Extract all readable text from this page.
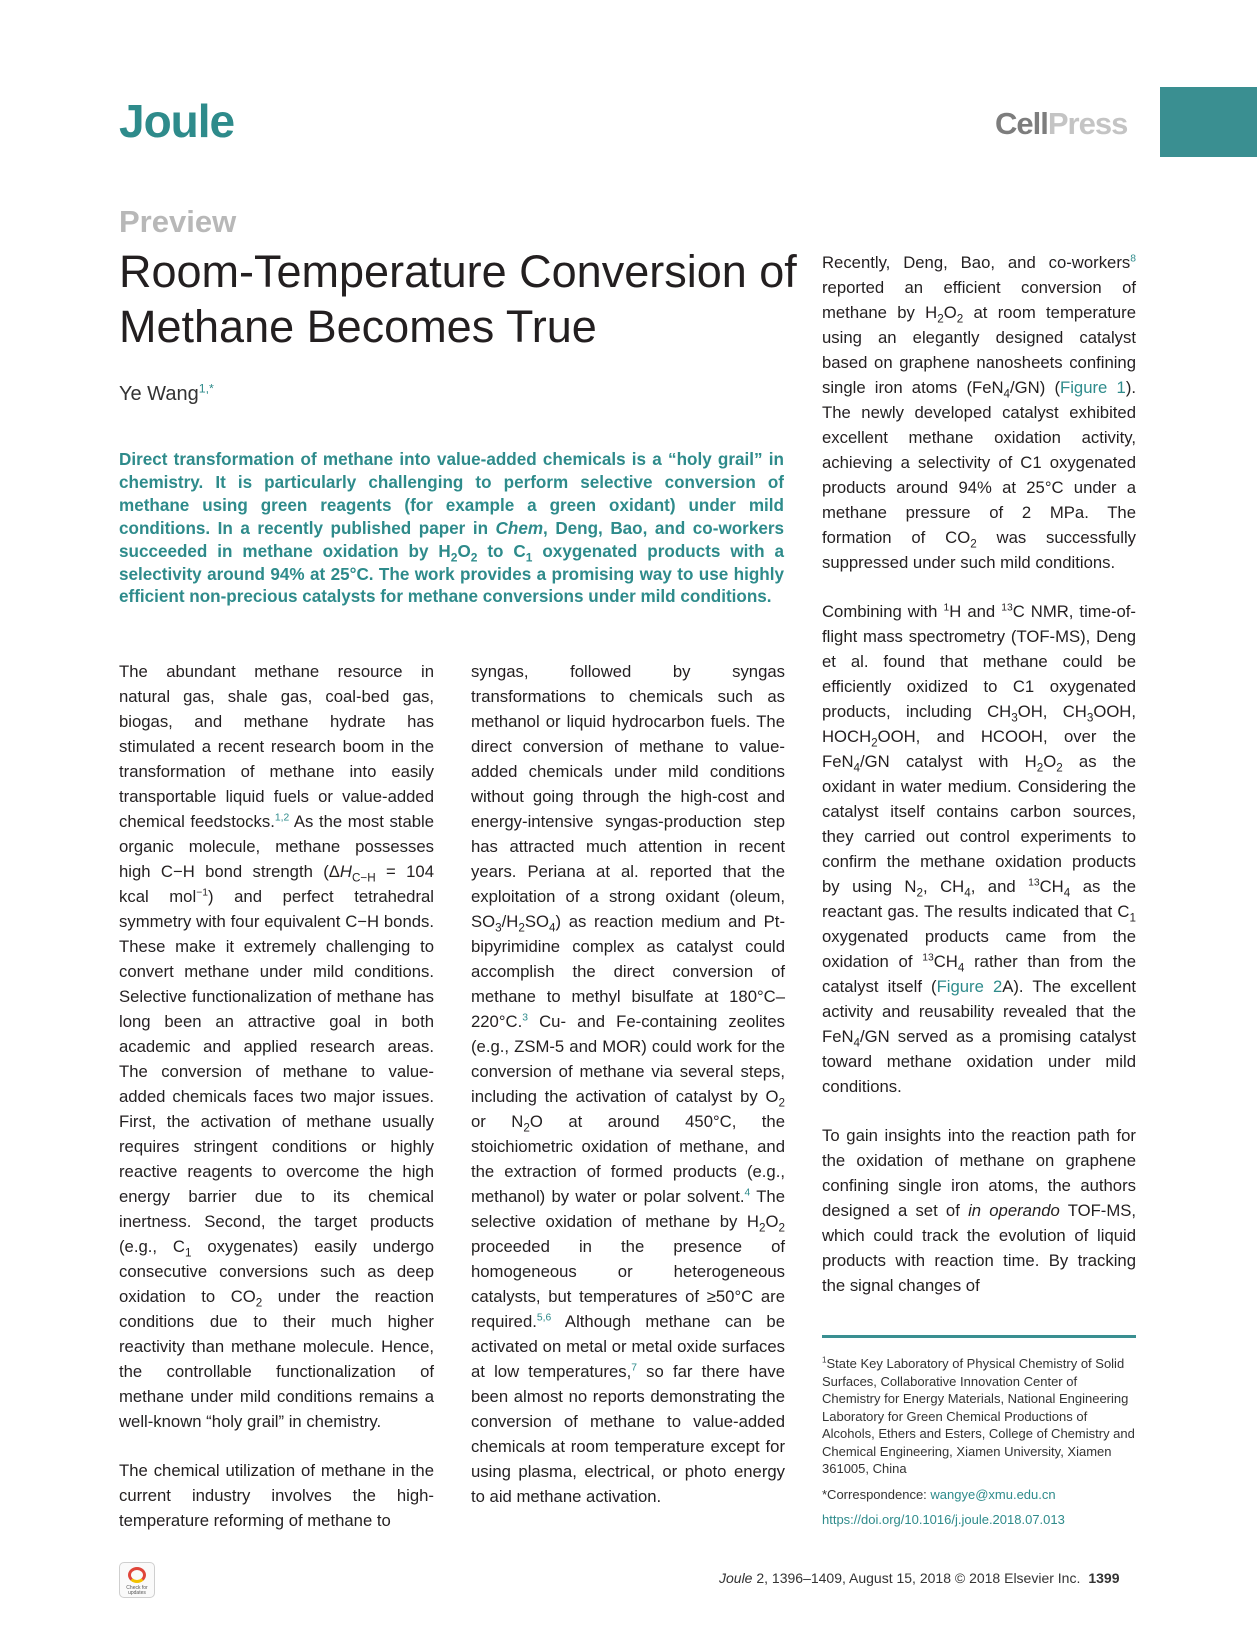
Joule	CellPress
Preview
Room-Temperature Conversion of Methane Becomes True
Ye Wang$^{1,*}$

Direct transformation of methane into value-added chemicals is a “holy grail” in chemistry. It is particularly challenging to perform selective conversion of methane using green reagents (for example a green oxidant) under mild conditions. In a recently published paper in Chem, Deng, Bao, and co-workers succeeded in methane oxidation by $H_2O_2$ to $C_1$ oxygenated products with a selectivity around 94% at 25°C. The work provides a promising way to use highly efficient non-precious catalysts for methane conversions under mild conditions.

The abundant methane resource in natural gas, shale gas, coal-bed gas, biogas, and methane hydrate has stimulated a recent research boom in the transformation of methane into easily transportable liquid fuels or value-added chemical feedstocks.$^{1,2}$ As the most stable organic molecule, methane possesses high C−H bond strength ($\Delta H_{C-H} = 104$ kcal mol$^{-1}$) and perfect tetrahedral symmetry with four equivalent C−H bonds. These make it extremely challenging to convert methane under mild conditions. Selective functionalization of methane has long been an attractive goal in both academic and applied research areas. The conversion of methane to value-added chemicals faces two major issues. First, the activation of methane usually requires stringent conditions or highly reactive reagents to overcome the high energy barrier due to its chemical inertness. Second, the target products (e.g., $C_1$ oxygenates) easily undergo consecutive conversions such as deep oxidation to $CO_2$ under the reaction conditions due to their much higher reactivity than methane molecule. Hence, the controllable functionalization of methane under mild conditions remains a well-known “holy grail” in chemistry.

The chemical utilization of methane in the current industry involves the high-temperature reforming of methane to

syngas, followed by syngas transformations to chemicals such as methanol or liquid hydrocarbon fuels. The direct conversion of methane to value-added chemicals under mild conditions without going through the high-cost and energy-intensive syngas-production step has attracted much attention in recent years. Periana at al. reported that the exploitation of a strong oxidant (oleum, $SO_3/H_2SO_4$) as reaction medium and Pt-bipyrimidine complex as catalyst could accomplish the direct conversion of methane to methyl bisulfate at 180°C–220°C.$^3$ Cu- and Fe-containing zeolites (e.g., ZSM-5 and MOR) could work for the conversion of methane via several steps, including the activation of catalyst by $O_2$ or $N_2O$ at around 450°C, the stoichiometric oxidation of methane, and the extraction of formed products (e.g., methanol) by water or polar solvent.$^4$ The selective oxidation of methane by $H_2O_2$ proceeded in the presence of homogeneous or heterogeneous catalysts, but temperatures of ≥50°C are required.$^{5,6}$ Although methane can be activated on metal or metal oxide surfaces at low temperatures,$^7$ so far there have been almost no reports demonstrating the conversion of methane to value-added chemicals at room temperature except for using plasma, electrical, or photo energy to aid methane activation.

Recently, Deng, Bao, and co-workers$^8$ reported an efficient conversion of methane by $H_2O_2$ at room temperature using an elegantly designed catalyst based on graphene nanosheets confining single iron atoms (FeN$_4$/GN) (Figure 1). The newly developed catalyst exhibited excellent methane oxidation activity, achieving a selectivity of C1 oxygenated products around 94% at 25°C under a methane pressure of 2 MPa. The formation of $CO_2$ was successfully suppressed under such mild conditions.

Combining with $^1$H and $^{13}$C NMR, time-of-flight mass spectrometry (TOF-MS), Deng et al. found that methane could be efficiently oxidized to C1 oxygenated products, including $CH_3OH$, $CH_3OOH$, $HOCH_2OOH$, and HCOOH, over the FeN$_4$/GN catalyst with $H_2O_2$ as the oxidant in water medium. Considering the catalyst itself contains carbon sources, they carried out control experiments to confirm the methane oxidation products by using $N_2$, $CH_4$, and $^{13}CH_4$ as the reactant gas. The results indicated that $C_1$ oxygenated products came from the oxidation of $^{13}CH_4$ rather than from the catalyst itself (Figure 2A). The excellent activity and reusability revealed that the FeN$_4$/GN served as a promising catalyst toward methane oxidation under mild conditions.

To gain insights into the reaction path for the oxidation of methane on graphene confining single iron atoms, the authors designed a set of in operando TOF-MS, which could track the evolution of liquid products with reaction time. By tracking the signal changes of

$^1$State Key Laboratory of Physical Chemistry of Solid Surfaces, Collaborative Innovation Center of Chemistry for Energy Materials, National Engineering Laboratory for Green Chemical Productions of Alcohols, Ethers and Esters, College of Chemistry and Chemical Engineering, Xiamen University, Xiamen 361005, China

*Correspondence: wangye@xmu.edu.cn

https://doi.org/10.1016/j.joule.2018.07.013

Check for updates
Joule 2, 1396–1409, August 15, 2018 © 2018 Elsevier Inc. 1399
